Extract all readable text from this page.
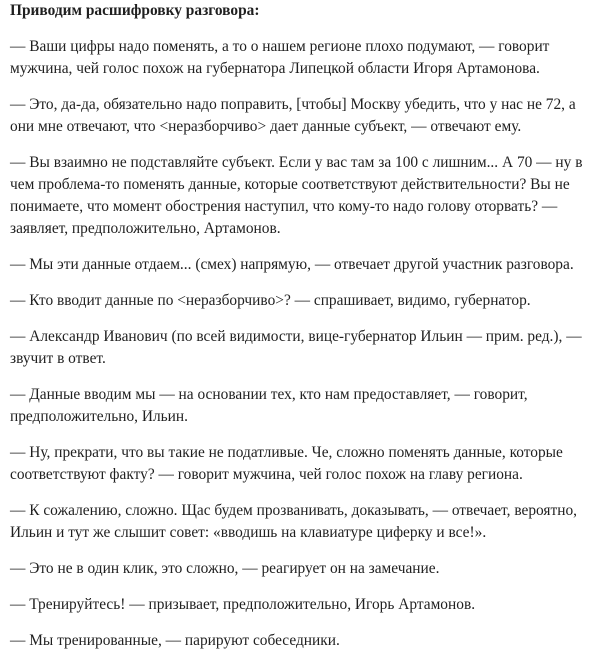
Приводим расшифровку разговора:

— Ваши цифры надо поменять, а то о нашем регионе плохо подумают, — говорит мужчина, чей голос похож на губернатора Липецкой области Игоря Артамонова.

— Это, да-да, обязательно надо поправить, [чтобы] Москву убедить, что у нас не 72, а они мне отвечают, что <неразборчиво> дает данные субъект, — отвечают ему.

— Вы взаимно не подставляйте субъект. Если у вас там за 100 с лишним... А 70 — ну в чем проблема-то поменять данные, которые соответствуют действительности? Вы не понимаете, что момент обострения наступил, что кому-то надо голову оторвать? — заявляет, предположительно, Артамонов.

— Мы эти данные отдаем... (смех) напрямую, — отвечает другой участник разговора.

— Кто вводит данные по <неразборчиво>? — спрашивает, видимо, губернатор.

— Александр Иванович (по всей видимости, вице-губернатор Ильин — прим. ред.), — звучит в ответ.

— Данные вводим мы — на основании тех, кто нам предоставляет, — говорит, предположительно, Ильин.

— Ну, прекрати, что вы такие не податливые. Че, сложно поменять данные, которые соответствуют факту? — говорит мужчина, чей голос похож на главу региона.

— К сожалению, сложно. Щас будем прозванивать, доказывать, — отвечает, вероятно, Ильин и тут же слышит совет: «вводишь на клавиатуре циферку и все!».

— Это не в один клик, это сложно, — реагирует он на замечание.

— Тренируйтесь! — призывает, предположительно, Игорь Артамонов.

— Мы тренированные, — парируют собеседники.
